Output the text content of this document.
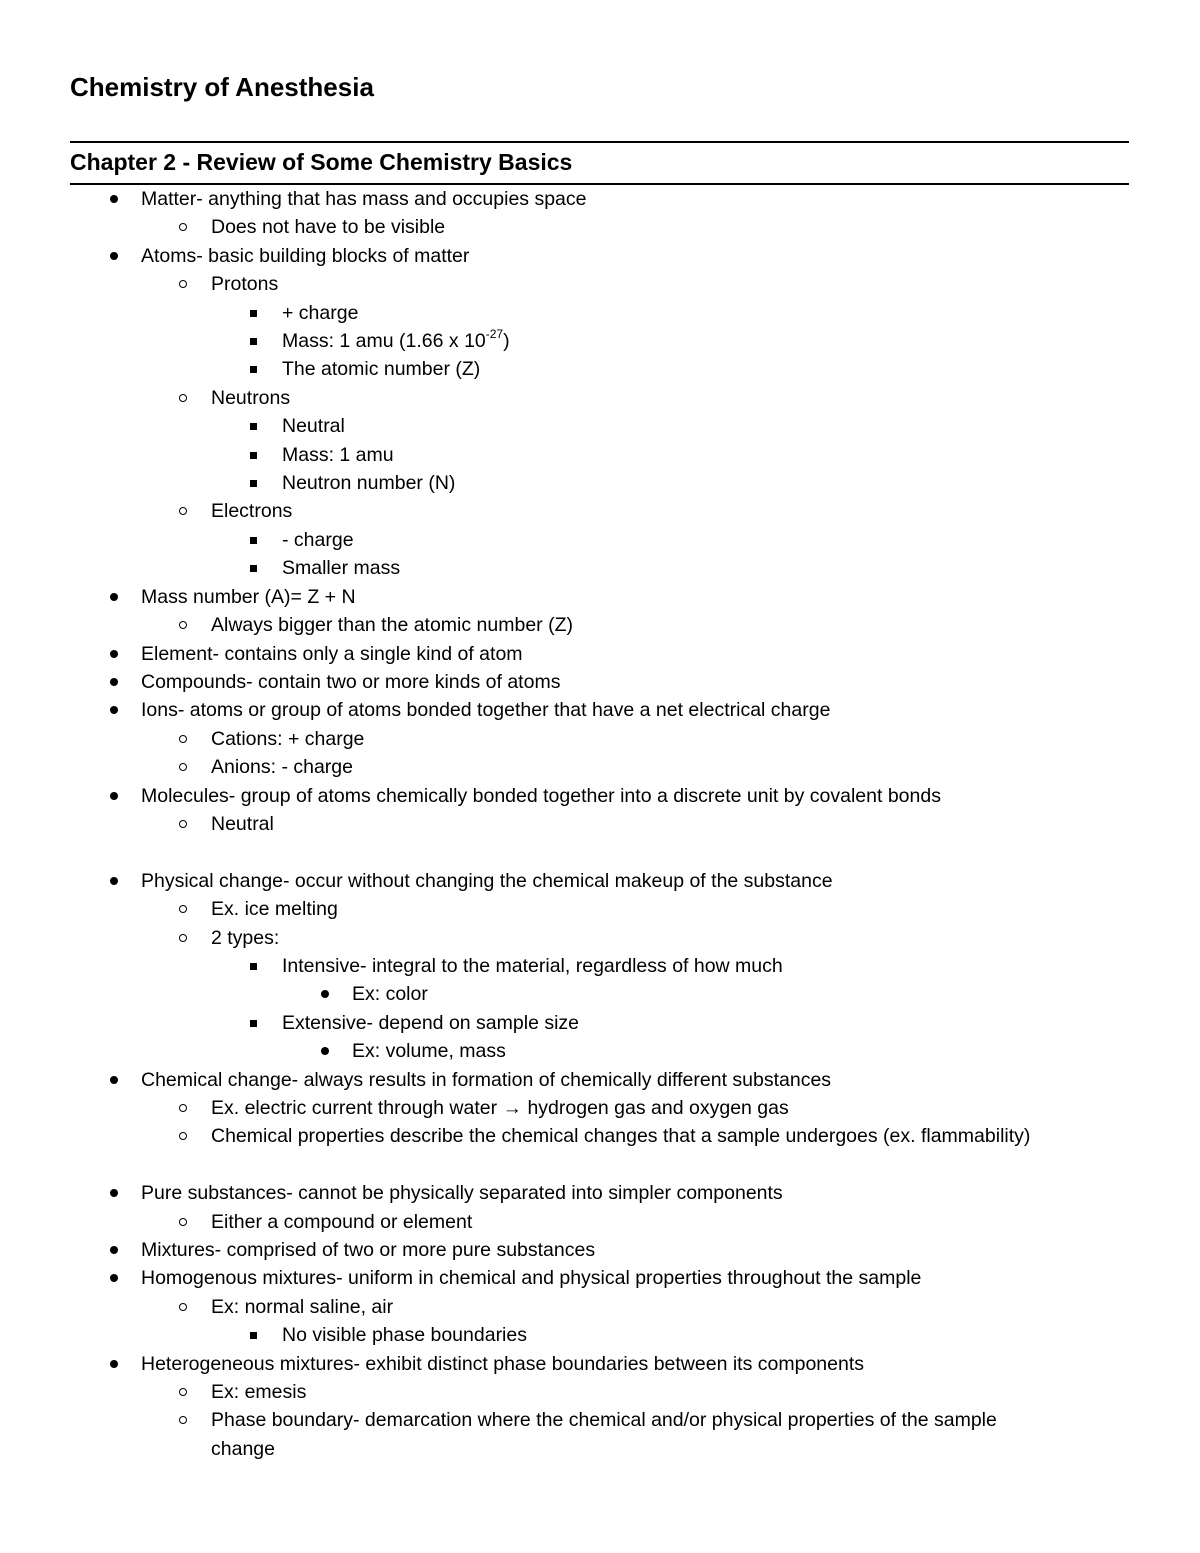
Chemistry of Anesthesia
Chapter 2 - Review of Some Chemistry Basics
Matter- anything that has mass and occupies space
Does not have to be visible
Atoms- basic building blocks of matter
Protons
+ charge
Mass: 1 amu (1.66 x $10^{-27}$)
The atomic number (Z)
Neutrons
Neutral
Mass: 1 amu
Neutron number (N)
Electrons
- charge
Smaller mass
Mass number (A)= Z + N
Always bigger than the atomic number (Z)
Element- contains only a single kind of atom
Compounds- contain two or more kinds of atoms
Ions- atoms or group of atoms bonded together that have a net electrical charge
Cations: + charge
Anions: - charge
Molecules- group of atoms chemically bonded together into a discrete unit by covalent bonds
Neutral
Physical change- occur without changing the chemical makeup of the substance
Ex. ice melting
2 types:
Intensive- integral to the material, regardless of how much
Ex: color
Extensive- depend on sample size
Ex: volume, mass
Chemical change- always results in formation of chemically different substances
Ex. electric current through water → hydrogen gas and oxygen gas
Chemical properties describe the chemical changes that a sample undergoes (ex. flammability)
Pure substances- cannot be physically separated into simpler components
Either a compound or element
Mixtures- comprised of two or more pure substances
Homogenous mixtures- uniform in chemical and physical properties throughout the sample
Ex: normal saline, air
No visible phase boundaries
Heterogeneous mixtures- exhibit distinct phase boundaries between its components
Ex: emesis
Phase boundary- demarcation where the chemical and/or physical properties of the sample
change
